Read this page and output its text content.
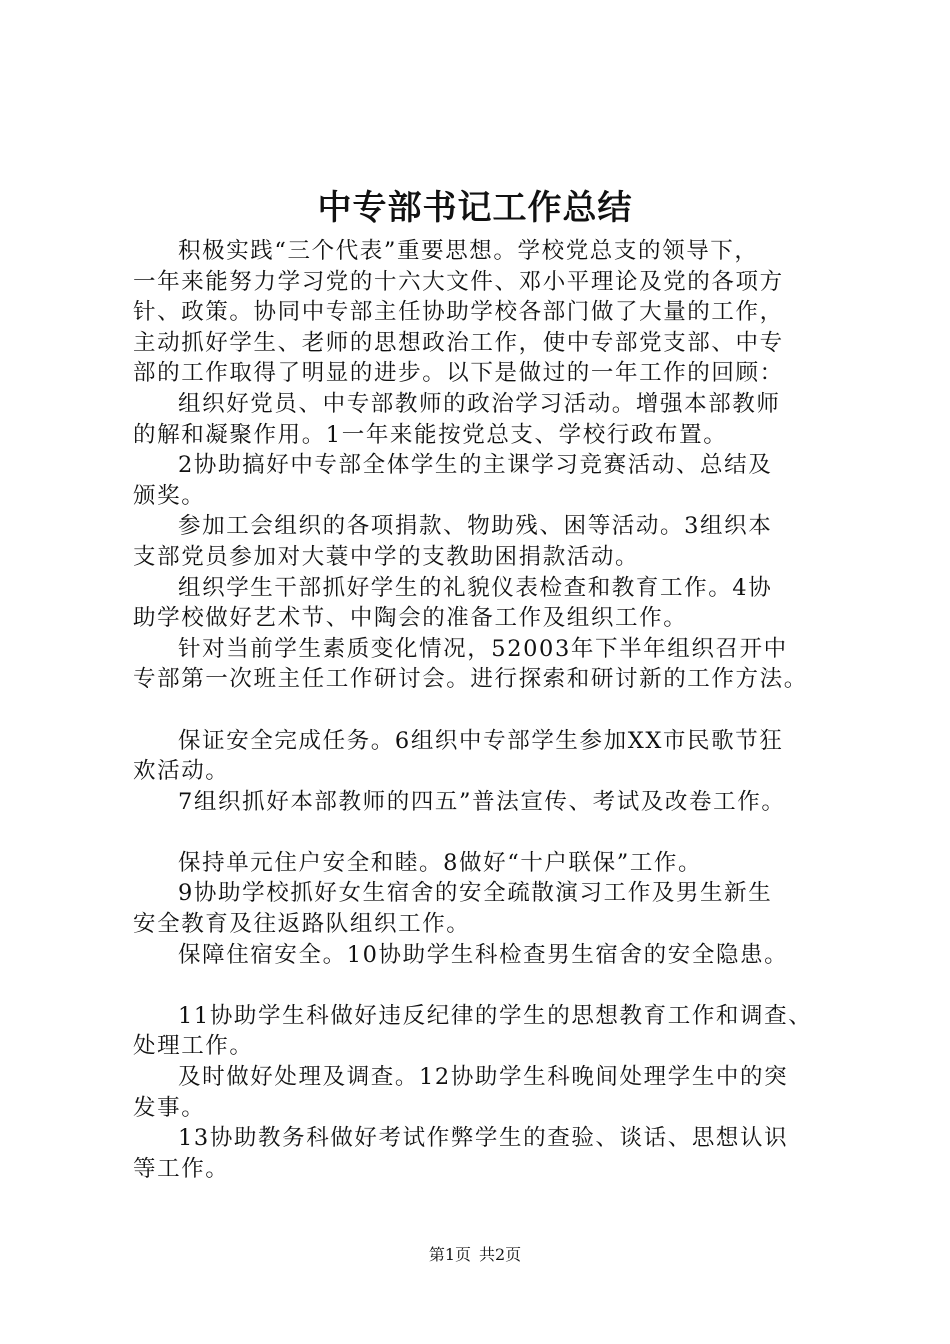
中专部书记工作总结

积极实践“三个代表”重要思想。学校党总支的领导下，
一年来能努力学习党的十六大文件、邓小平理论及党的各项方
针、政策。协同中专部主任协助学校各部门做了大量的工作，
主动抓好学生、老师的思想政治工作，使中专部党支部、中专
部的工作取得了明显的进步。以下是做过的一年工作的回顾：

组织好党员、中专部教师的政治学习活动。增强本部教师
的解和凝聚作用。1一年来能按党总支、学校行政布置。

2协助搞好中专部全体学生的主课学习竞赛活动、总结及
颁奖。

参加工会组织的各项捐款、物助残、困等活动。3组织本
支部党员参加对大蓑中学的支教助困捐款活动。

组织学生干部抓好学生的礼貌仪表检查和教育工作。4协
助学校做好艺术节、中陶会的准备工作及组织工作。

针对当前学生素质变化情况，52003年下半年组织召开中
专部第一次班主任工作研讨会。进行探索和研讨新的工作方法。

保证安全完成任务。6组织中专部学生参加XX市民歌节狂
欢活动。

7组织抓好本部教师的四五”普法宣传、考试及改卷工作。

保持单元住户安全和睦。8做好“十户联保”工作。

9协助学校抓好女生宿舍的安全疏散演习工作及男生新生
安全教育及往返路队组织工作。

保障住宿安全。10协助学生科检查男生宿舍的安全隐患。

11协助学生科做好违反纪律的学生的思想教育工作和调查、
处理工作。

及时做好处理及调查。12协助学生科晚间处理学生中的突
发事。

13协助教务科做好考试作弊学生的查验、谈话、思想认识
等工作。

第1页 共2页
